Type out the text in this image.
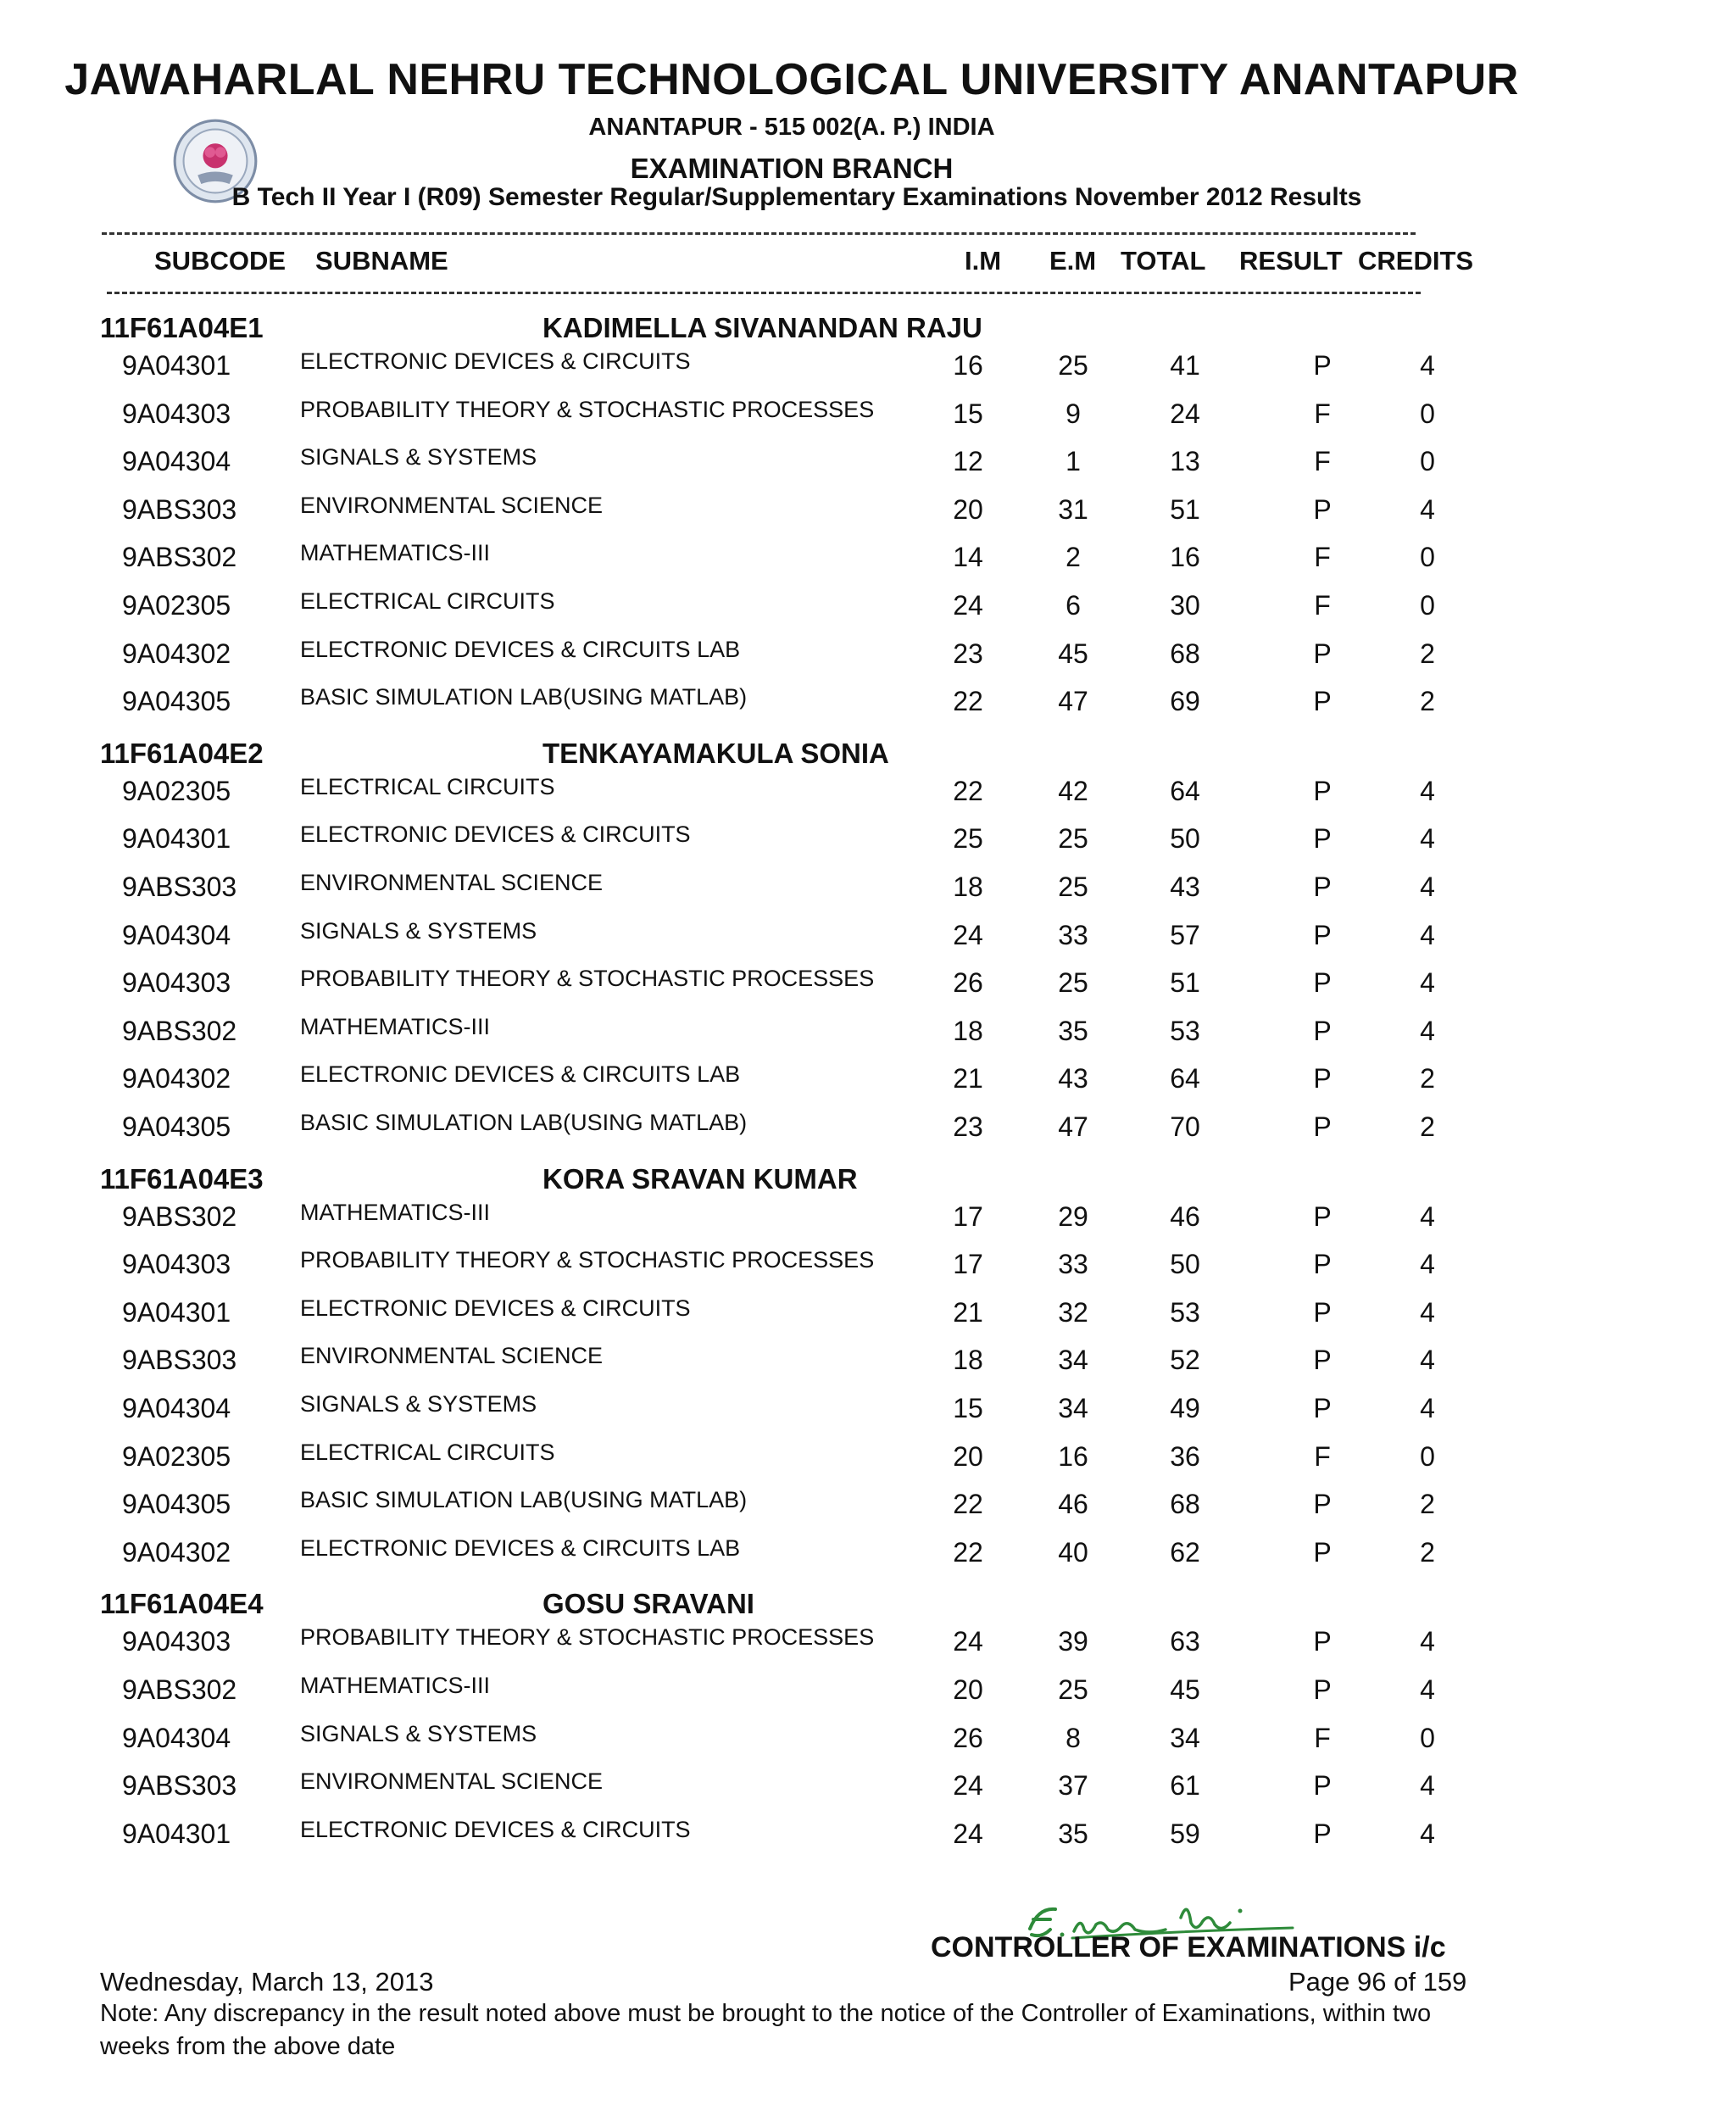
JAWAHARLAL NEHRU TECHNOLOGICAL UNIVERSITY ANANTAPUR
ANANTAPUR - 515 002(A. P.) INDIA
EXAMINATION BRANCH
B Tech II Year I (R09) Semester Regular/Supplementary Examinations November 2012 Results
SUBCODE SUBNAME	I.M E.M TOTAL RESULT CREDITS
11F61A04E1	KADIMELLA SIVANANDAN RAJU
9A04301	ELECTRONIC DEVICES & CIRCUITS	16	25	41	P	4
9A04303	PROBABILITY THEORY & STOCHASTIC PROCESSES	15	9	24	F	0
9A04304	SIGNALS & SYSTEMS	12	1	13	F	0
9ABS303	ENVIRONMENTAL SCIENCE	20	31	51	P	4
9ABS302	MATHEMATICS-III	14	2	16	F	0
9A02305	ELECTRICAL CIRCUITS	24	6	30	F	0
9A04302	ELECTRONIC DEVICES & CIRCUITS LAB	23	45	68	P	2
9A04305	BASIC SIMULATION LAB(USING MATLAB)	22	47	69	P	2
11F61A04E2	TENKAYAMAKULA SONIA
9A02305	ELECTRICAL CIRCUITS	22	42	64	P	4
9A04301	ELECTRONIC DEVICES & CIRCUITS	25	25	50	P	4
9ABS303	ENVIRONMENTAL SCIENCE	18	25	43	P	4
9A04304	SIGNALS & SYSTEMS	24	33	57	P	4
9A04303	PROBABILITY THEORY & STOCHASTIC PROCESSES	26	25	51	P	4
9ABS302	MATHEMATICS-III	18	35	53	P	4
9A04302	ELECTRONIC DEVICES & CIRCUITS LAB	21	43	64	P	2
9A04305	BASIC SIMULATION LAB(USING MATLAB)	23	47	70	P	2
11F61A04E3	KORA SRAVAN KUMAR
9ABS302	MATHEMATICS-III	17	29	46	P	4
9A04303	PROBABILITY THEORY & STOCHASTIC PROCESSES	17	33	50	P	4
9A04301	ELECTRONIC DEVICES & CIRCUITS	21	32	53	P	4
9ABS303	ENVIRONMENTAL SCIENCE	18	34	52	P	4
9A04304	SIGNALS & SYSTEMS	15	34	49	P	4
9A02305	ELECTRICAL CIRCUITS	20	16	36	F	0
9A04305	BASIC SIMULATION LAB(USING MATLAB)	22	46	68	P	2
9A04302	ELECTRONIC DEVICES & CIRCUITS LAB	22	40	62	P	2
11F61A04E4	GOSU SRAVANI
9A04303	PROBABILITY THEORY & STOCHASTIC PROCESSES	24	39	63	P	4
9ABS302	MATHEMATICS-III	20	25	45	P	4
9A04304	SIGNALS & SYSTEMS	26	8	34	F	0
9ABS303	ENVIRONMENTAL SCIENCE	24	37	61	P	4
9A04301	ELECTRONIC DEVICES & CIRCUITS	24	35	59	P	4
CONTROLLER OF EXAMINATIONS i/c
Wednesday, March 13, 2013	Page 96 of 159
Note: Any discrepancy in the result noted above must be brought to the notice of the Controller of Examinations, within two weeks from the above date
